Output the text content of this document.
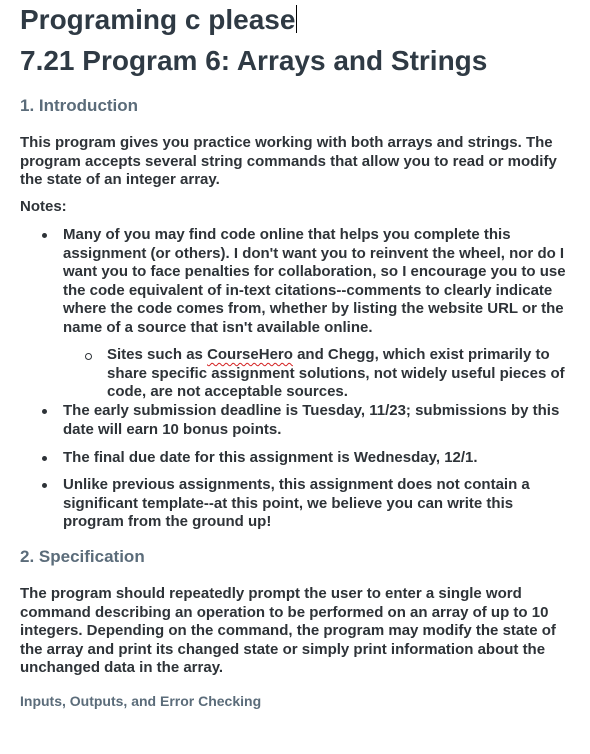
Programing c please
7.21 Program 6: Arrays and Strings
1. Introduction

This program gives you practice working with both arrays and strings. The program accepts several string commands that allow you to read or modify the state of an integer array.

Notes:

Many of you may find code online that helps you complete this assignment (or others). I don't want you to reinvent the wheel, nor do I want you to face penalties for collaboration, so I encourage you to use the code equivalent of in-text citations--comments to clearly indicate where the code comes from, whether by listing the website URL or the name of a source that isn't available online.

Sites such as CourseHero and Chegg, which exist primarily to share specific assignment solutions, not widely useful pieces of code, are not acceptable sources.

The early submission deadline is Tuesday, 11/23; submissions by this date will earn 10 bonus points.

The final due date for this assignment is Wednesday, 12/1.

Unlike previous assignments, this assignment does not contain a significant template--at this point, we believe you can write this program from the ground up!

2. Specification

The program should repeatedly prompt the user to enter a single word command describing an operation to be performed on an array of up to 10 integers. Depending on the command, the program may modify the state of the array and print its changed state or simply print information about the unchanged data in the array.

Inputs, Outputs, and Error Checking
